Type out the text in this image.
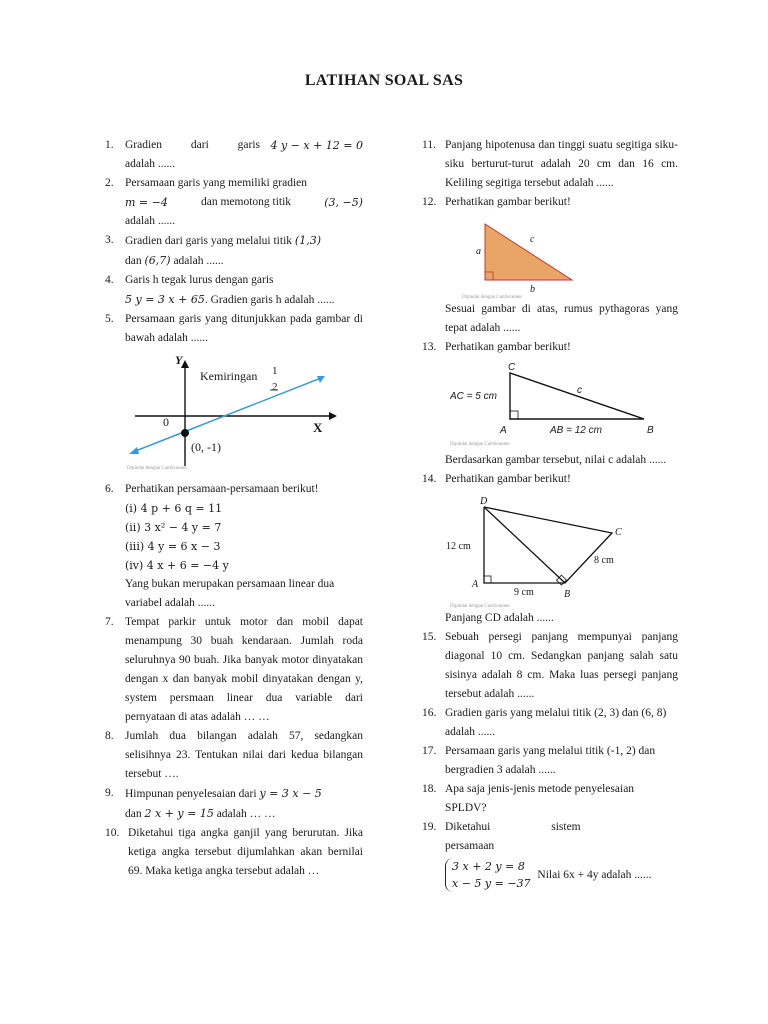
LATIHAN SOAL SAS
1. Gradien dari garis 4 y − x + 12 = 0
adalah ......
2. Persamaan garis yang memiliki gradien
m = −4	dan memotong titik	(3, −5)
adalah ......
3. Gradien dari garis yang melalui titik (1,3)
dan (6,7) adalah ......
4. Garis h tegak lurus dengan garis
5 y = 3 x + 65. Gradien garis h adalah ......
5. Persamaan garis yang ditunjukkan pada gambar di bawah adalah ......
Y
Kemiringan 1
2
0	X
(0, -1)
Dipindai dengan CamScanner
6. Perhatikan persamaan-persamaan berikut!
(i) 4 p + 6 q = 11
(ii) 3 x² − 4 y = 7
(iii) 4 y = 6 x − 3
(iv) 4 x + 6 = −4 y
Yang bukan merupakan persamaan linear dua variabel adalah ......
7. Tempat parkir untuk motor dan mobil dapat menampung 30 buah kendaraan. Jumlah roda seluruhnya 90 buah. Jika banyak motor dinyatakan dengan x dan banyak mobil dinyatakan dengan y, system persmaan linear dua variable dari pernyataan di atas adalah … …
8. Jumlah dua bilangan adalah 57, sedangkan selisihnya 23. Tentukan nilai dari kedua bilangan tersebut ….
9. Himpunan penyelesaian dari y = 3 x − 5
dan 2 x + y = 15 adalah … …
10. Diketahui tiga angka ganjil yang berurutan. Jika ketiga angka tersebut dijumlahkan akan bernilai 69. Maka ketiga angka tersebut adalah …
11. Panjang hipotenusa dan tinggi suatu segitiga siku-siku berturut-turut adalah 20 cm dan 16 cm. Keliling segitiga tersebut adalah ......
12. Perhatikan gambar berikut!
a
c
b
Dipindai dengan CamScanner
Sesuai gambar di atas, rumus pythagoras yang tepat adalah ......
13. Perhatikan gambar berikut!
C
AC = 5 cm
c
A	AB = 12 cm	B
Dipindai dengan CamScanner
Berdasarkan gambar tersebut, nilai c adalah ......
14. Perhatikan gambar berikut!
D
C
12 cm
8 cm
A
9 cm	B
Dipindai dengan CamScanner
Panjang CD adalah ......
15. Sebuah persegi panjang mempunyai panjang diagonal 10 cm. Sedangkan panjang salah satu sisinya adalah 8 cm. Maka luas persegi panjang tersebut adalah ......
16. Gradien garis yang melalui titik (2, 3) dan (6, 8) adalah ......
17. Persamaan garis yang melalui titik (-1, 2) dan bergradien 3 adalah ......
18. Apa saja jenis-jenis metode penyelesaian SPLDV?
19. Diketahui sistem persamaan
3 x + 2 y = 8
x − 5 y = −37
Nilai 6x + 4y adalah ......
